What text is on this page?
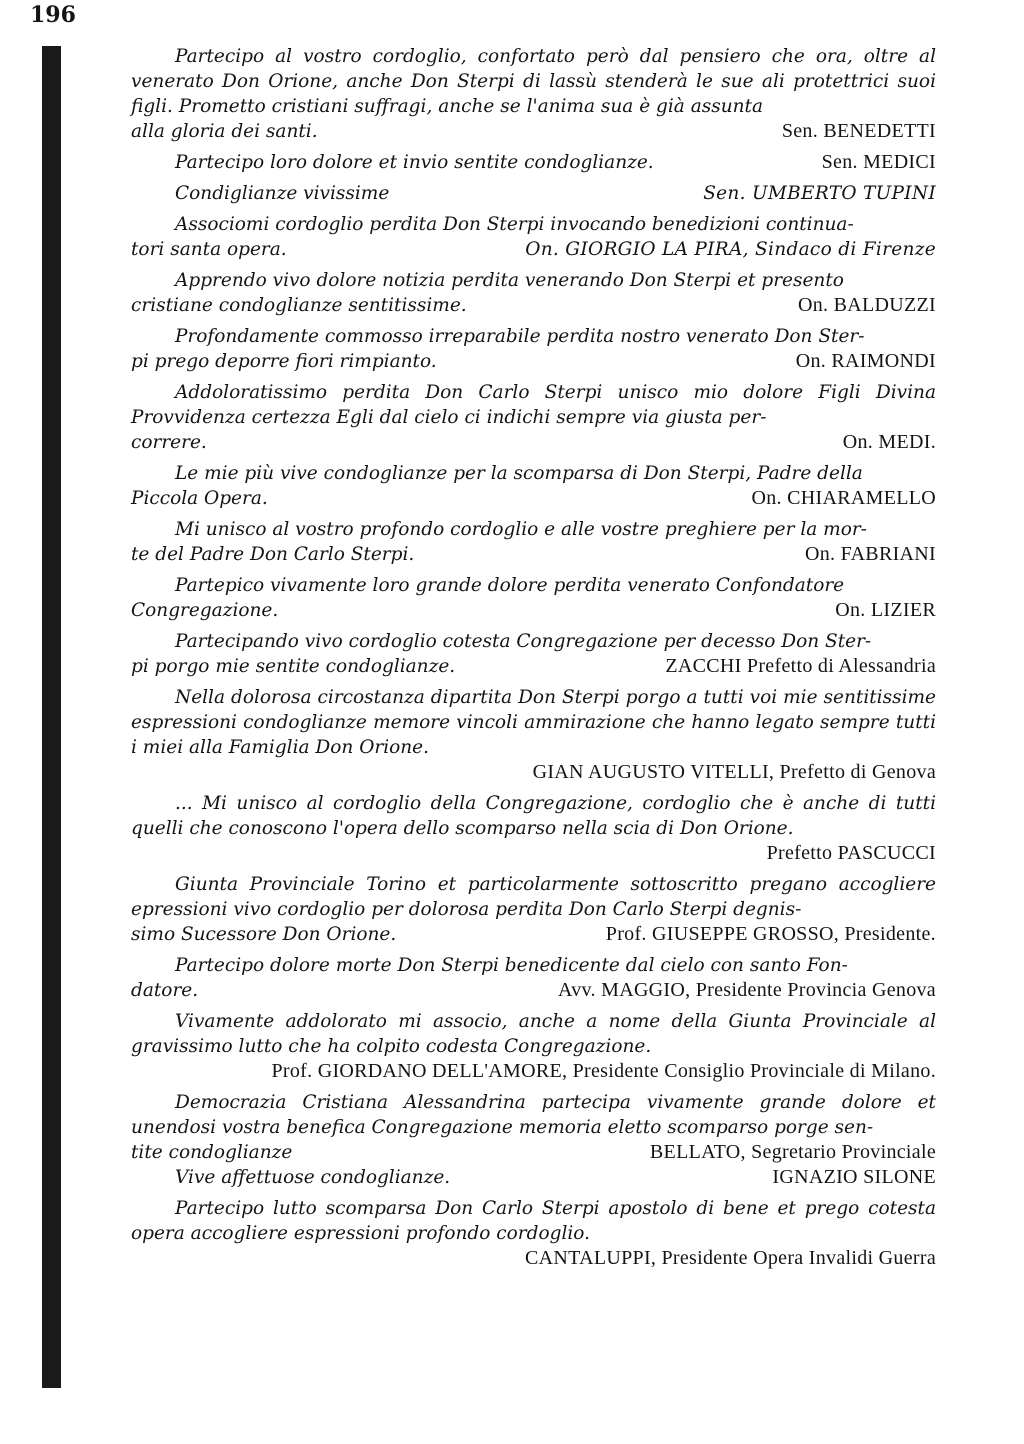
196

Partecipo al vostro cordoglio, confortato però dal pensiero che ora, oltre al venerato Don Orione, anche Don Sterpi di lassù stenderà le sue ali protettrici suoi figli. Prometto cristiani suffragi, anche se l'anima sua è già assunta

alla gloria dei santi.	Sen. BENEDETTI
Partecipo loro dolore et invio sentite condoglianze.	Sen. MEDICI
Condiglianze vivissime	Sen. UMBERTO TUPINI

Associomi cordoglio perdita Don Sterpi invocando benedizioni continua-

tori santa opera.	On. GIORGIO LA PIRA, Sindaco di Firenze

Apprendo vivo dolore notizia perdita venerando Don Sterpi et presento

cristiane condoglianze sentitissime.	On. BALDUZZI

Profondamente commosso irreparabile perdita nostro venerato Don Ster-

pi prego deporre fiori rimpianto.	On. RAIMONDI

Addoloratissimo perdita Don Carlo Sterpi unisco mio dolore Figli Divina Provvidenza certezza Egli dal cielo ci indichi sempre via giusta per-

correre.	On. MEDI.

Le mie più vive condoglianze per la scomparsa di Don Sterpi, Padre della

Piccola Opera.	On. CHIARAMELLO

Mi unisco al vostro profondo cordoglio e alle vostre preghiere per la mor-

te del Padre Don Carlo Sterpi.	On. FABRIANI

Partepico vivamente loro grande dolore perdita venerato Confondatore

Congregazione.	On. LIZIER

Partecipando vivo cordoglio cotesta Congregazione per decesso Don Ster-

pi porgo mie sentite condoglianze.	ZACCHI Prefetto di Alessandria

Nella dolorosa circostanza dipartita Don Sterpi porgo a tutti voi mie sentitissime espressioni condoglianze memore vincoli ammirazione che hanno legato sempre tutti i miei alla Famiglia Don Orione.

GIAN AUGUSTO VITELLI, Prefetto di Genova

... Mi unisco al cordoglio della Congregazione, cordoglio che è anche di tutti quelli che conoscono l'opera dello scomparso nella scia di Don Orione.

Prefetto PASCUCCI

Giunta Provinciale Torino et particolarmente sottoscritto pregano accogliere epressioni vivo cordoglio per dolorosa perdita Don Carlo Sterpi degnis-

simo Sucessore Don Orione.	Prof. GIUSEPPE GROSSO, Presidente.

Partecipo dolore morte Don Sterpi benedicente dal cielo con santo Fon-

datore.	Avv. MAGGIO, Presidente Provincia Genova

Vivamente addolorato mi associo, anche a nome della Giunta Provinciale al gravissimo lutto che ha colpito codesta Congregazione.

Prof. GIORDANO DELL'AMORE, Presidente Consiglio Provinciale di Milano.

Democrazia Cristiana Alessandrina partecipa vivamente grande dolore et unendosi vostra benefica Congregazione memoria eletto scomparso porge sen-

tite condoglianze	BELLATO, Segretario Provinciale
Vive affettuose condoglianze.	IGNAZIO SILONE

Partecipo lutto scomparsa Don Carlo Sterpi apostolo di bene et prego cotesta opera accogliere espressioni profondo cordoglio.

CANTALUPPI, Presidente Opera Invalidi Guerra
